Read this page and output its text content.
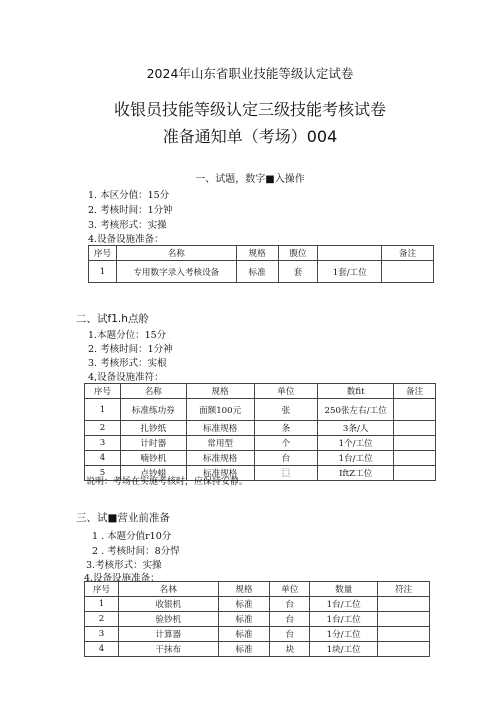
2024年山东省职业技能等级认定试卷
收银员技能等级认定三级技能考核试卷
准备通知单（考场）004
一、试题，数字■入操作
1. 本区分值：15分
2. 考核时间：1分钟
3. 考核形式：实操
4.设备设施准备：
序号	名称	规格	腹位		备注
1	专用数字录入考核设备	标准	套	1套/工位	
二、试f1.h点舲
1.本题分位：15分
2. 考核时间：1分神
3. 考核形式：实根
4,设备设施准符：
序号	名称	规格	单位	数fit	备注
1	标准练功券	面额100元	张	250张左右/工位	
2	扎钞纸	标准规格	条	3条/人	
3	计时器	常用型	个	1个/工位	
4	喃钞机	标准规格	台	1台/工位	
5	点钞蜡	标准规格	⿴	IftZ工位	
说明：考场在实施考核时，应保持安静。
三、试■营业前准备
1 . 本题分值r10分
2 . 考核时间：8分悍
3.考核形式：实操
4.设备设施准备：
序号	名林	规格	单位	数量	符注
1	收银机	标准	台	1台/工位	
2	验钞机	标准	台	1台/工位	
3	计算器	标准	台	1分/工位	
4	干抹布	标准	块	1块/工位	
